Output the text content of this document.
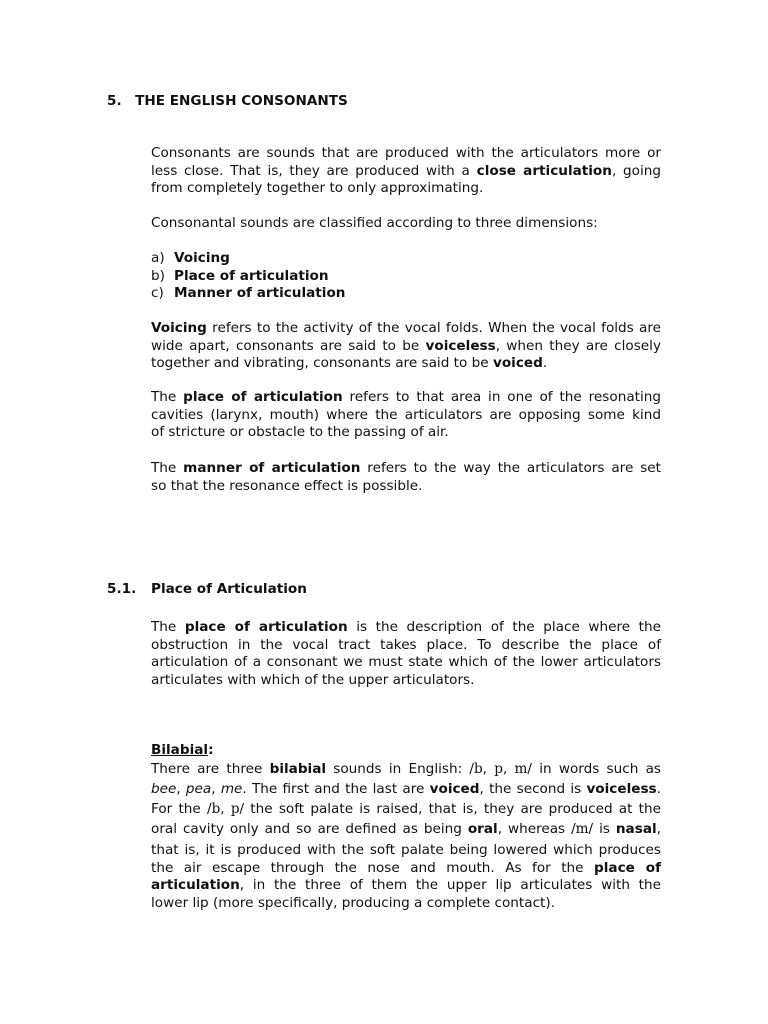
5. THE ENGLISH CONSONANTS
Consonants are sounds that are produced with the articulators more or
less close. That is, they are produced with a close articulation, going
from completely together to only approximating.
Consonantal sounds are classified according to three dimensions:
a) Voicing
b) Place of articulation
c) Manner of articulation
Voicing refers to the activity of the vocal folds. When the vocal folds are
wide apart, consonants are said to be voiceless, when they are closely
together and vibrating, consonants are said to be voiced.
The place of articulation refers to that area in one of the resonating
cavities (larynx, mouth) where the articulators are opposing some kind
of stricture or obstacle to the passing of air.
The manner of articulation refers to the way the articulators are set
so that the resonance effect is possible.
5.1. Place of Articulation
The place of articulation is the description of the place where the
obstruction in the vocal tract takes place. To describe the place of
articulation of a consonant we must state which of the lower articulators
articulates with which of the upper articulators.
Bilabial:
There are three bilabial sounds in English: /b, p, m/ in words such as
bee, pea, me. The first and the last are voiced, the second is voiceless.
For the /b, p/ the soft palate is raised, that is, they are produced at the
oral cavity only and so are defined as being oral, whereas /m/ is nasal,
that is, it is produced with the soft palate being lowered which produces
the air escape through the nose and mouth. As for the place of
articulation, in the three of them the upper lip articulates with the
lower lip (more specifically, producing a complete contact).
